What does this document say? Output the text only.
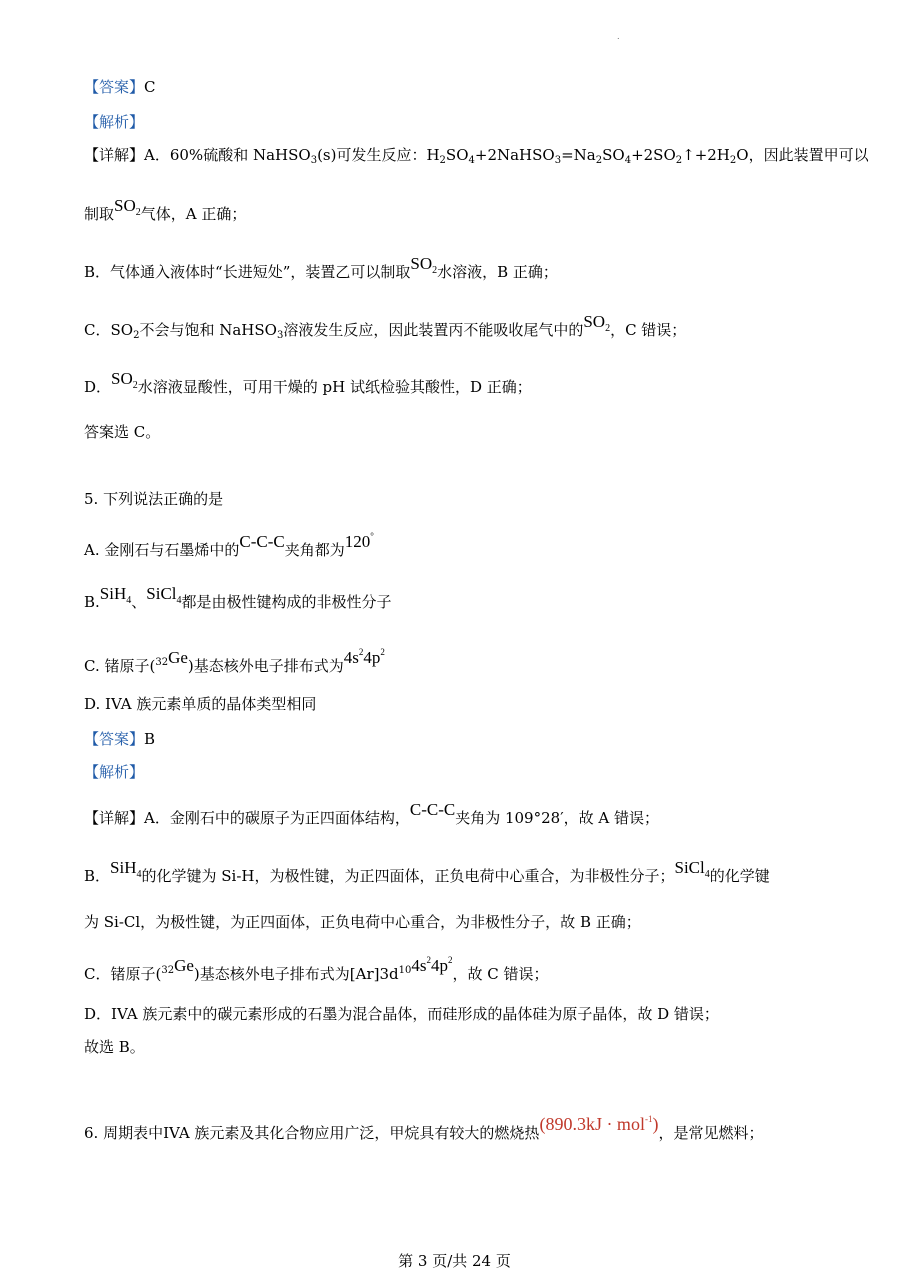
.
【答案】C
【解析】
【详解】A．60%硫酸和 NaHSO$_3$(s)可发生反应：$H_2SO_4+2NaHSO_3=Na_2SO_4+2SO_2↑+2H_2O$，因此装置甲可以
制取$SO_2$气体，A 正确；
B．气体通入液体时“长进短处”，装置乙可以制取$SO_2$水溶液，B 正确；
C．$SO_2$不会与饱和 NaHSO$_3$溶液发生反应，因此装置丙不能吸收尾气中的$SO_2$，C 错误；
D．$SO_2$水溶液显酸性，可用干燥的 pH 试纸检验其酸性，D 正确；
答案选 C。
5. 下列说法正确的是
A. 金刚石与石墨烯中的C-C-C夹角都为120°
B.SiH$_4$、SiCl$_4$都是由极性键构成的非极性分子
C. 锗原子($^{32}$Ge)基态核外电子排布式为$4s^24p^2$
D. IVA 族元素单质的晶体类型相同
【答案】B
【解析】
【详解】A．金刚石中的碳原子为正四面体结构，C-C-C夹角为 109°28′，故 A 错误；
B．SiH$_4$的化学键为 Si-H，为极性键，为正四面体，正负电荷中心重合，为非极性分子；SiCl$_4$的化学键
为 Si-Cl，为极性键，为正四面体，正负电荷中心重合，为非极性分子，故 B 正确；
C．锗原子($^{32}$Ge)基态核外电子排布式为$[Ar]3d^{10}4s^24p^2$，故 C 错误；
D．IVA 族元素中的碳元素形成的石墨为混合晶体，而硅形成的晶体硅为原子晶体，故 D 错误；
故选 B。
6. 周期表中IVA 族元素及其化合物应用广泛，甲烷具有较大的燃烧热(890.3kJ · mol$^{-1}$)，是常见燃料；
第 3 页/共 24 页
